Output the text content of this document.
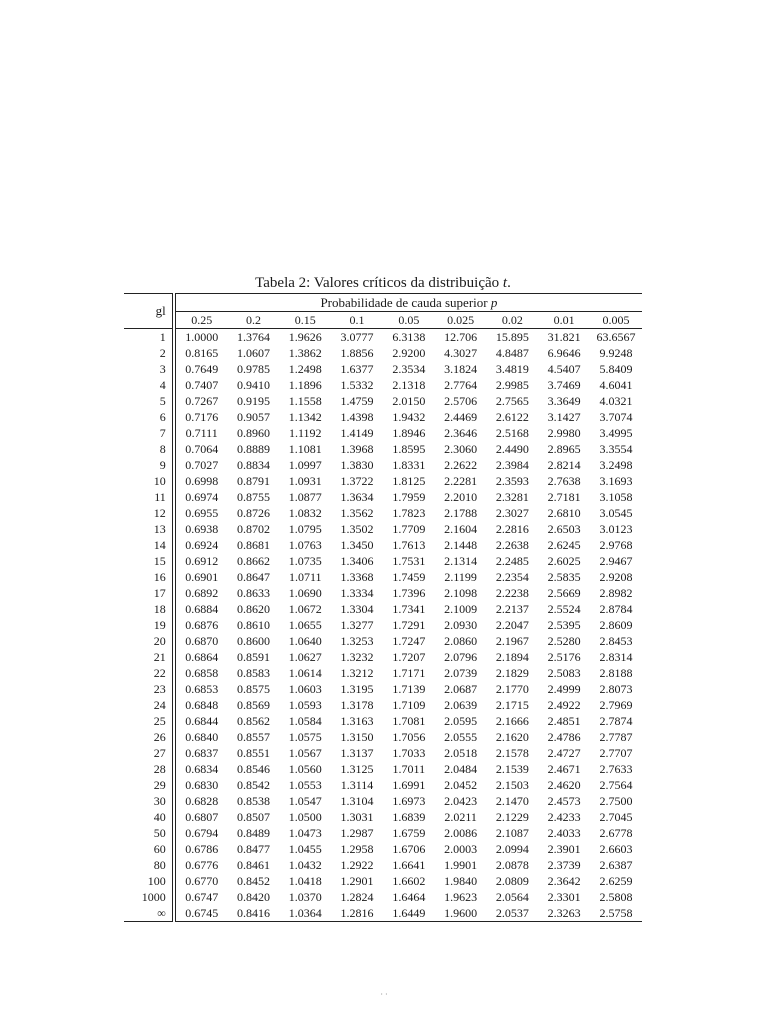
Tabela 2: Valores críticos da distribuição t.
gl	Probabilidade de cauda superior p								
	0.25	0.2	0.15	0.1	0.05	0.025	0.02	0.01	0.005
1	1.0000	1.3764	1.9626	3.0777	6.3138	12.706	15.895	31.821	63.6567
2	0.8165	1.0607	1.3862	1.8856	2.9200	4.3027	4.8487	6.9646	9.9248
3	0.7649	0.9785	1.2498	1.6377	2.3534	3.1824	3.4819	4.5407	5.8409
4	0.7407	0.9410	1.1896	1.5332	2.1318	2.7764	2.9985	3.7469	4.6041
5	0.7267	0.9195	1.1558	1.4759	2.0150	2.5706	2.7565	3.3649	4.0321
6	0.7176	0.9057	1.1342	1.4398	1.9432	2.4469	2.6122	3.1427	3.7074
7	0.7111	0.8960	1.1192	1.4149	1.8946	2.3646	2.5168	2.9980	3.4995
8	0.7064	0.8889	1.1081	1.3968	1.8595	2.3060	2.4490	2.8965	3.3554
9	0.7027	0.8834	1.0997	1.3830	1.8331	2.2622	2.3984	2.8214	3.2498
10	0.6998	0.8791	1.0931	1.3722	1.8125	2.2281	2.3593	2.7638	3.1693
11	0.6974	0.8755	1.0877	1.3634	1.7959	2.2010	2.3281	2.7181	3.1058
12	0.6955	0.8726	1.0832	1.3562	1.7823	2.1788	2.3027	2.6810	3.0545
13	0.6938	0.8702	1.0795	1.3502	1.7709	2.1604	2.2816	2.6503	3.0123
14	0.6924	0.8681	1.0763	1.3450	1.7613	2.1448	2.2638	2.6245	2.9768
15	0.6912	0.8662	1.0735	1.3406	1.7531	2.1314	2.2485	2.6025	2.9467
16	0.6901	0.8647	1.0711	1.3368	1.7459	2.1199	2.2354	2.5835	2.9208
17	0.6892	0.8633	1.0690	1.3334	1.7396	2.1098	2.2238	2.5669	2.8982
18	0.6884	0.8620	1.0672	1.3304	1.7341	2.1009	2.2137	2.5524	2.8784
19	0.6876	0.8610	1.0655	1.3277	1.7291	2.0930	2.2047	2.5395	2.8609
20	0.6870	0.8600	1.0640	1.3253	1.7247	2.0860	2.1967	2.5280	2.8453
21	0.6864	0.8591	1.0627	1.3232	1.7207	2.0796	2.1894	2.5176	2.8314
22	0.6858	0.8583	1.0614	1.3212	1.7171	2.0739	2.1829	2.5083	2.8188
23	0.6853	0.8575	1.0603	1.3195	1.7139	2.0687	2.1770	2.4999	2.8073
24	0.6848	0.8569	1.0593	1.3178	1.7109	2.0639	2.1715	2.4922	2.7969
25	0.6844	0.8562	1.0584	1.3163	1.7081	2.0595	2.1666	2.4851	2.7874
26	0.6840	0.8557	1.0575	1.3150	1.7056	2.0555	2.1620	2.4786	2.7787
27	0.6837	0.8551	1.0567	1.3137	1.7033	2.0518	2.1578	2.4727	2.7707
28	0.6834	0.8546	1.0560	1.3125	1.7011	2.0484	2.1539	2.4671	2.7633
29	0.6830	0.8542	1.0553	1.3114	1.6991	2.0452	2.1503	2.4620	2.7564
30	0.6828	0.8538	1.0547	1.3104	1.6973	2.0423	2.1470	2.4573	2.7500
40	0.6807	0.8507	1.0500	1.3031	1.6839	2.0211	2.1229	2.4233	2.7045
50	0.6794	0.8489	1.0473	1.2987	1.6759	2.0086	2.1087	2.4033	2.6778
60	0.6786	0.8477	1.0455	1.2958	1.6706	2.0003	2.0994	2.3901	2.6603
80	0.6776	0.8461	1.0432	1.2922	1.6641	1.9901	2.0878	2.3739	2.6387
100	0.6770	0.8452	1.0418	1.2901	1.6602	1.9840	2.0809	2.3642	2.6259
1000	0.6747	0.8420	1.0370	1.2824	1.6464	1.9623	2.0564	2.3301	2.5808
∞	0.6745	0.8416	1.0364	1.2816	1.6449	1.9600	2.0537	2.3263	2.5758
· ·
